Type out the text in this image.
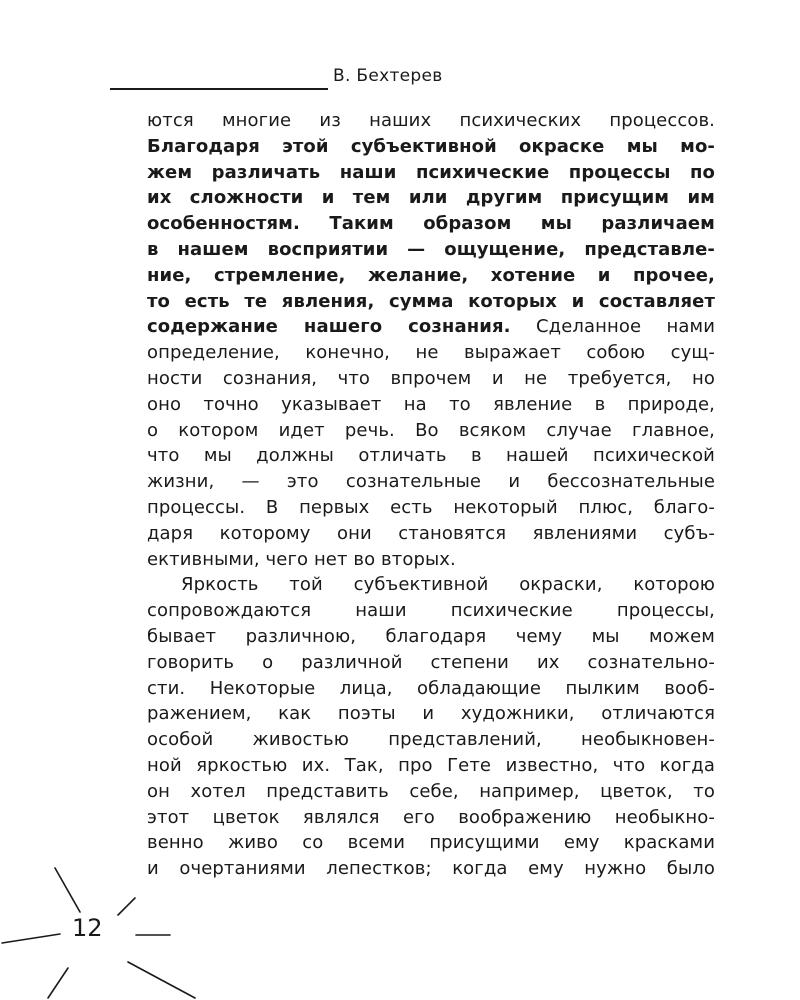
В. Бехтерев
ются многие из наших психических процессов.
Благодаря этой субъективной окраске мы мо-
жем различать наши психические процессы по
их сложности и тем или другим присущим им
особенностям. Таким образом мы различаем
в нашем восприятии — ощущение, представле-
ние, стремление, желание, хотение и прочее,
то есть те явления, сумма которых и составляет
содержание нашего сознания. Сделанное нами
определение, конечно, не выражает собою сущ-
ности сознания, что впрочем и не требуется, но
оно точно указывает на то явление в природе,
о котором идет речь. Во всяком случае главное,
что мы должны отличать в нашей психической
жизни, — это сознательные и бессознательные
процессы. В первых есть некоторый плюс, благо-
даря которому они становятся явлениями субъ-
ективными, чего нет во вторых.
Яркость той субъективной окраски, которою
сопровождаются наши психические процессы,
бывает различною, благодаря чему мы можем
говорить о различной степени их сознательно-
сти. Некоторые лица, обладающие пылким вооб-
ражением, как поэты и художники, отличаются
особой живостью представлений, необыкновен-
ной яркостью их. Так, про Гете известно, что когда
он хотел представить себе, например, цветок, то
этот цветок являлся его воображению необыкно-
венно живо со всеми присущими ему красками
и очертаниями лепестков; когда ему нужно было
12
